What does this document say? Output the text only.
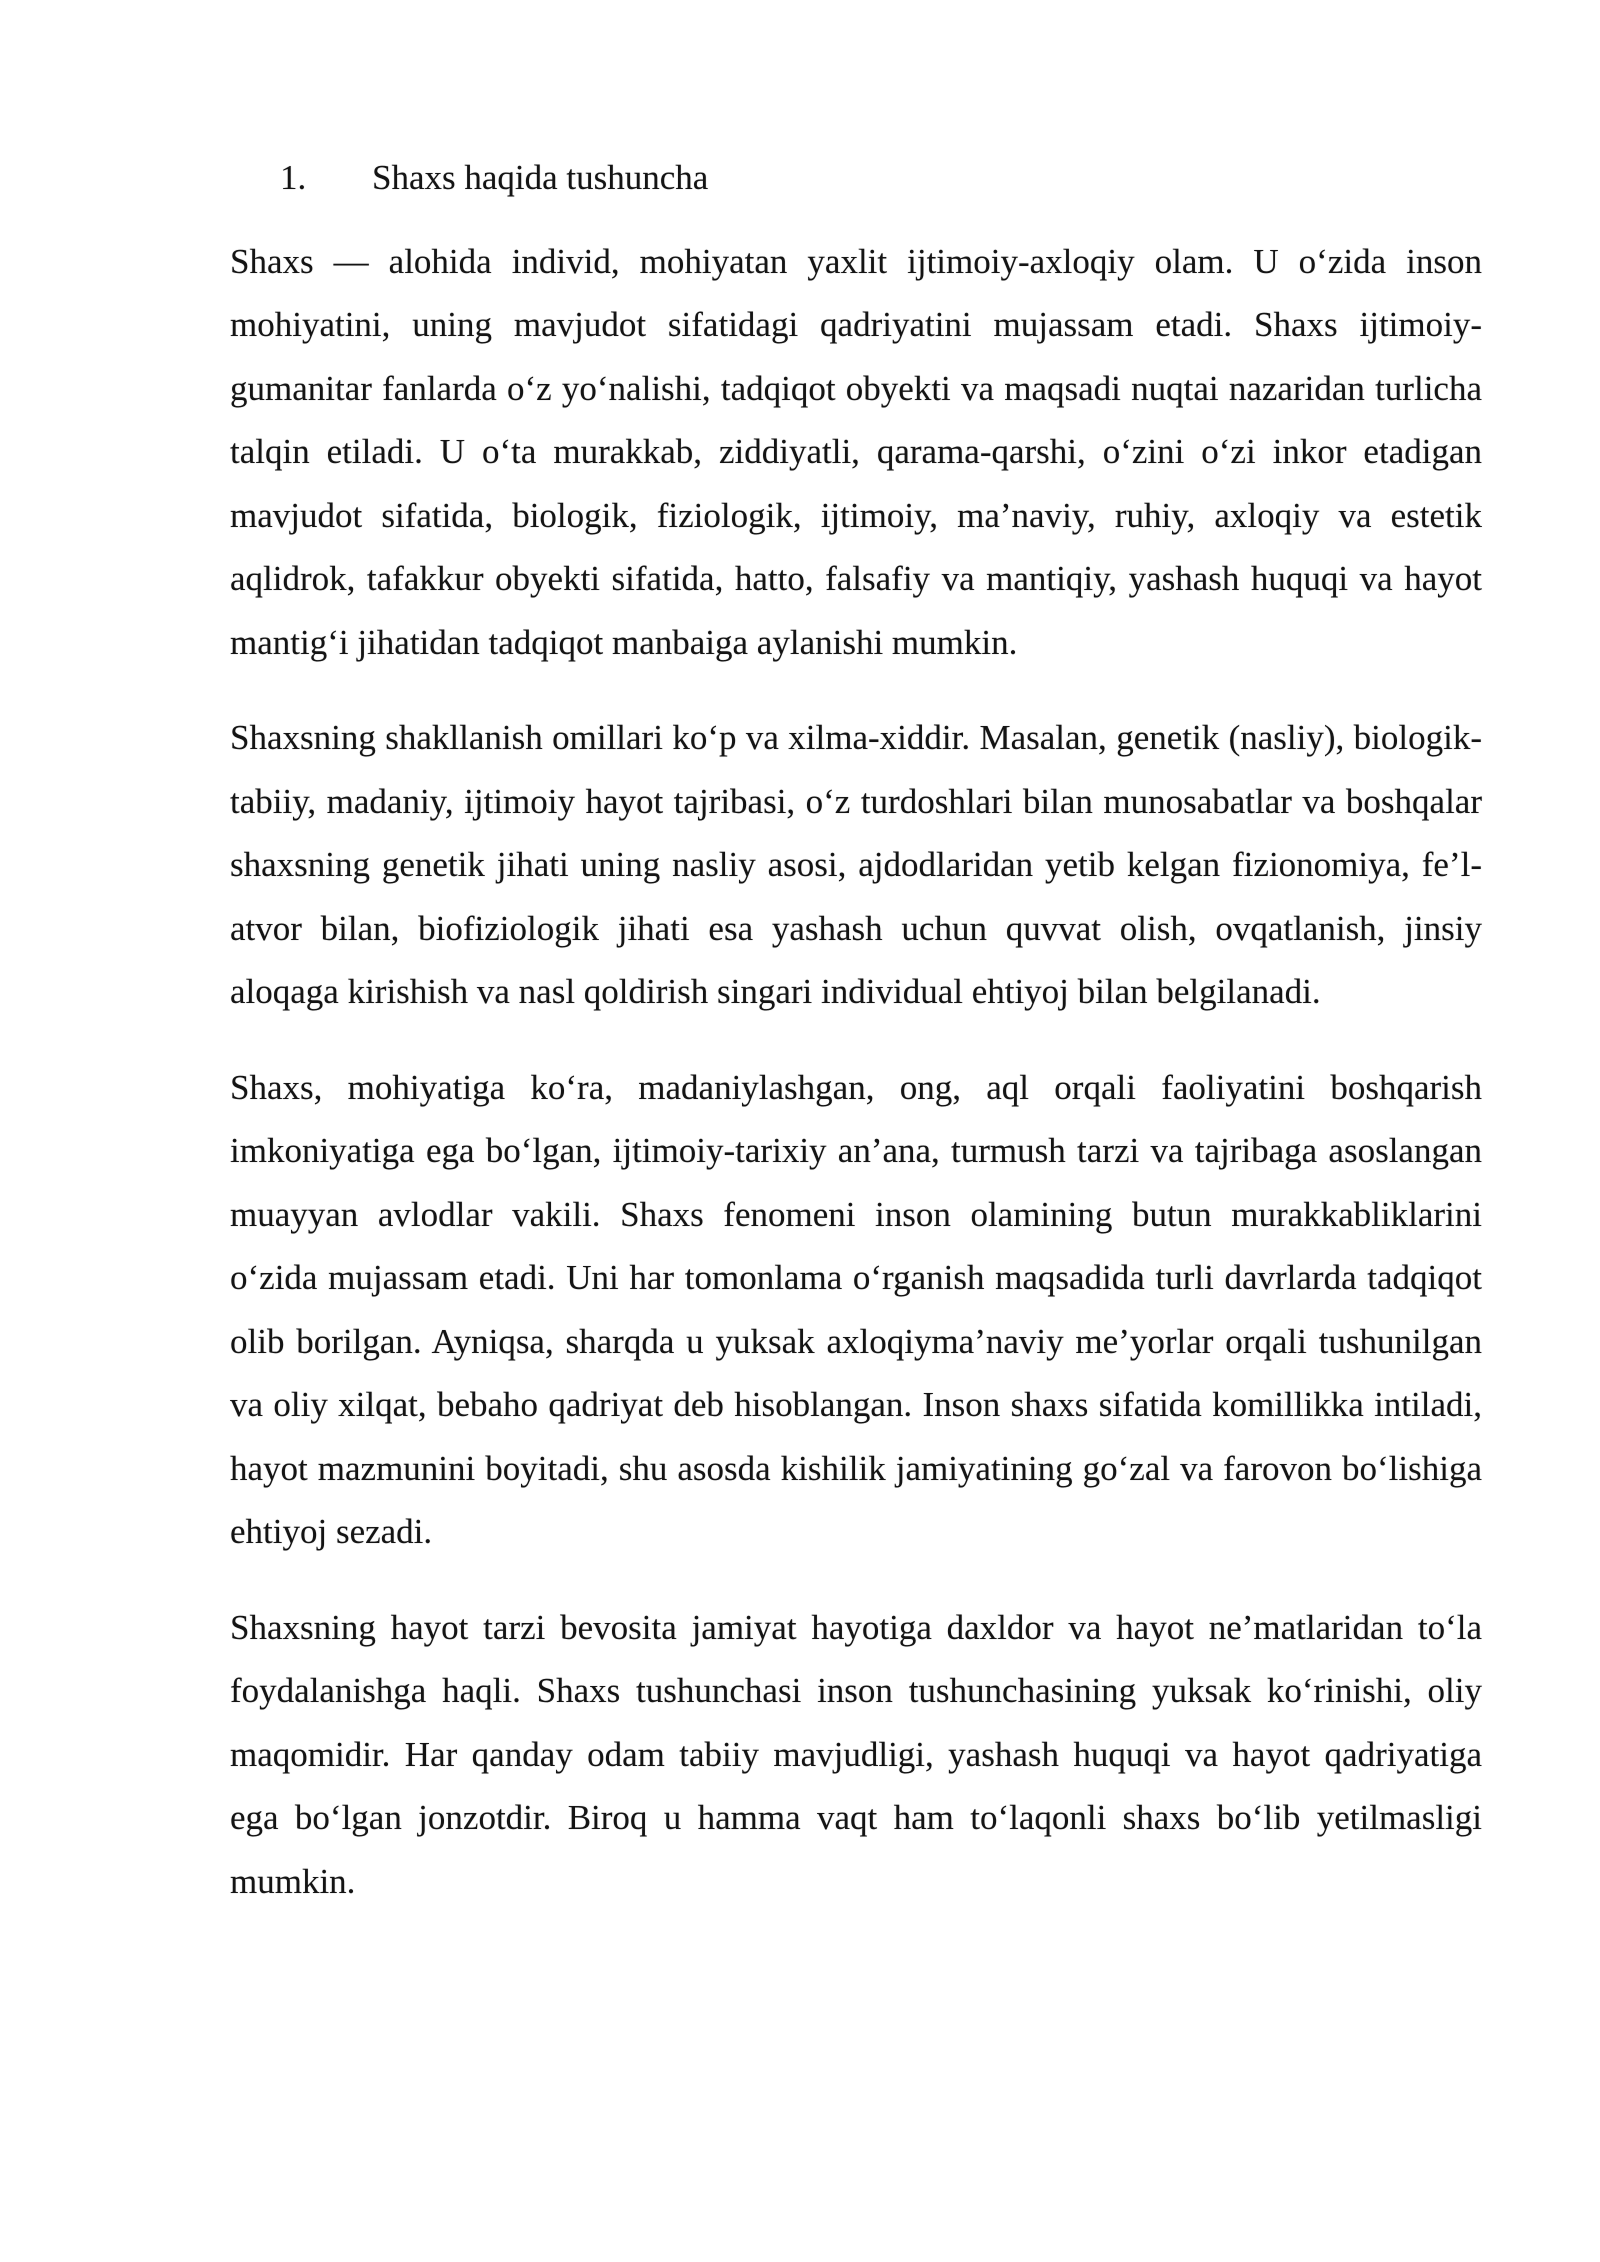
1. Shaxs haqida tushuncha

Shaxs — alohida individ, mohiyatan yaxlit ijtimoiy-axloqiy olam. U o‘zida inson mohiyatini, uning mavjudot sifatidagi qadriyatini mujassam etadi. Shaxs ijtimoiy-gumanitar fanlarda o‘z yo‘nalishi, tadqiqot obyekti va maqsadi nuqtai nazaridan turlicha talqin etiladi. U o‘ta murakkab, ziddiyatli, qarama-qarshi, o‘zini o‘zi inkor etadigan mavjudot sifatida, biologik, fiziologik, ijtimoiy, ma’naviy, ruhiy, axloqiy va estetik aqlidrok, tafakkur obyekti sifatida, hatto, falsafiy va mantiqiy, yashash huquqi va hayot mantig‘i jihatidan tadqiqot manbaiga aylanishi mumkin.

Shaxsning shakllanish omillari ko‘p va xilma-xiddir. Masalan, genetik (nasliy), biologik-tabiiy, madaniy, ijtimoiy hayot tajribasi, o‘z turdoshlari bilan munosabatlar va boshqalar shaxsning genetik jihati uning nasliy asosi, ajdodlaridan yetib kelgan fizionomiya, fe’l-atvor bilan, biofiziologik jihati esa yashash uchun quvvat olish, ovqatlanish, jinsiy aloqaga kirishish va nasl qoldirish singari individual ehtiyoj bilan belgilanadi.

Shaxs, mohiyatiga ko‘ra, madaniylashgan, ong, aql orqali faoliyatini boshqarish imkoniyatiga ega bo‘lgan, ijtimoiy-tarixiy an’ana, turmush tarzi va tajribaga asoslangan muayyan avlodlar vakili. Shaxs fenomeni inson olamining butun murakkabliklarini o‘zida mujassam etadi. Uni har tomonlama o‘rganish maqsadida turli davrlarda tadqiqot olib borilgan. Ayniqsa, sharqda u yuksak axloqiyma’naviy me’yorlar orqali tushunilgan va oliy xilqat, bebaho qadriyat deb hisoblangan. Inson shaxs sifatida komillikka intiladi, hayot mazmunini boyitadi, shu asosda kishilik jamiyatining go‘zal va farovon bo‘lishiga ehtiyoj sezadi.

Shaxsning hayot tarzi bevosita jamiyat hayotiga daxldor va hayot ne’matlaridan to‘la foydalanishga haqli. Shaxs tushunchasi inson tushunchasining yuksak ko‘rinishi, oliy maqomidir. Har qanday odam tabiiy mavjudligi, yashash huquqi va hayot qadriyatiga ega bo‘lgan jonzotdir. Biroq u hamma vaqt ham to‘laqonli shaxs bo‘lib yetilmasligi mumkin.
